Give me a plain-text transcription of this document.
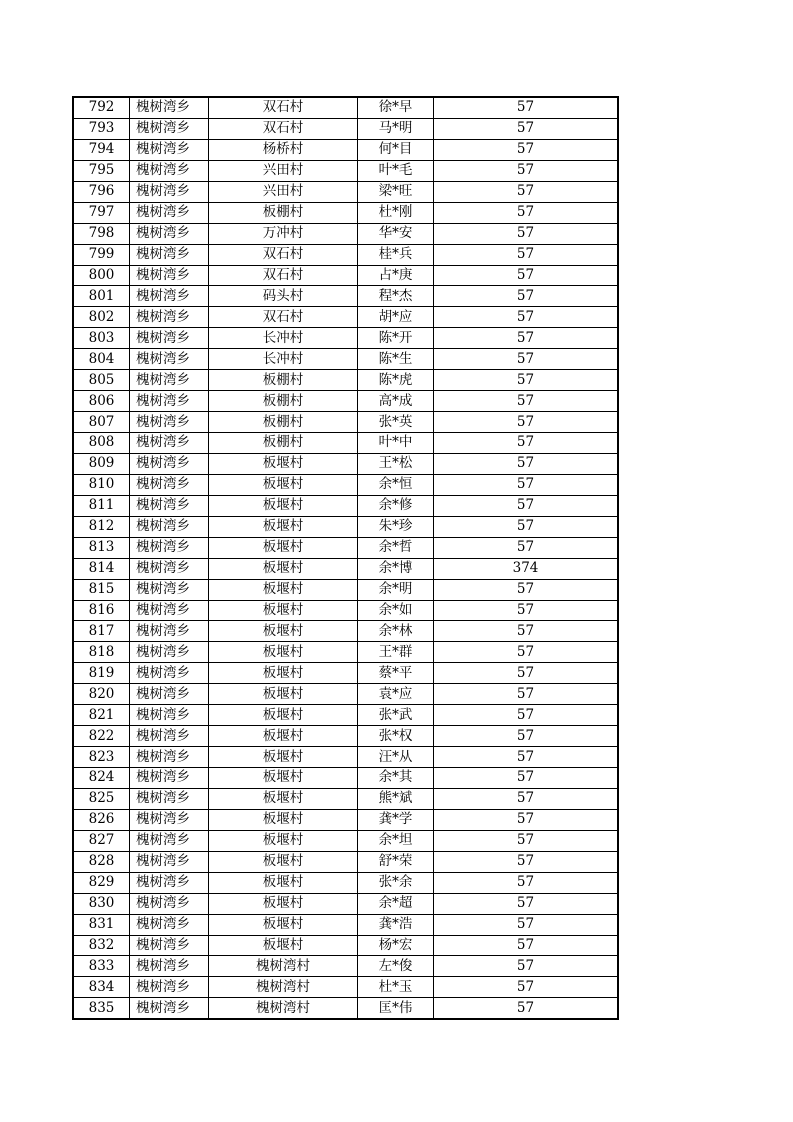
792	槐树湾乡	双石村	徐*早	57
793	槐树湾乡	双石村	马*明	57
794	槐树湾乡	杨桥村	何*目	57
795	槐树湾乡	兴田村	叶*毛	57
796	槐树湾乡	兴田村	梁*旺	57
797	槐树湾乡	板棚村	杜*刚	57
798	槐树湾乡	万冲村	华*安	57
799	槐树湾乡	双石村	桂*兵	57
800	槐树湾乡	双石村	占*庚	57
801	槐树湾乡	码头村	程*杰	57
802	槐树湾乡	双石村	胡*应	57
803	槐树湾乡	长冲村	陈*开	57
804	槐树湾乡	长冲村	陈*生	57
805	槐树湾乡	板棚村	陈*虎	57
806	槐树湾乡	板棚村	高*成	57
807	槐树湾乡	板棚村	张*英	57
808	槐树湾乡	板棚村	叶*中	57
809	槐树湾乡	板堰村	王*松	57
810	槐树湾乡	板堰村	余*恒	57
811	槐树湾乡	板堰村	余*修	57
812	槐树湾乡	板堰村	朱*珍	57
813	槐树湾乡	板堰村	余*哲	57
814	槐树湾乡	板堰村	余*博	374
815	槐树湾乡	板堰村	余*明	57
816	槐树湾乡	板堰村	余*如	57
817	槐树湾乡	板堰村	余*林	57
818	槐树湾乡	板堰村	王*群	57
819	槐树湾乡	板堰村	蔡*平	57
820	槐树湾乡	板堰村	袁*应	57
821	槐树湾乡	板堰村	张*武	57
822	槐树湾乡	板堰村	张*权	57
823	槐树湾乡	板堰村	汪*从	57
824	槐树湾乡	板堰村	余*其	57
825	槐树湾乡	板堰村	熊*斌	57
826	槐树湾乡	板堰村	龚*学	57
827	槐树湾乡	板堰村	余*坦	57
828	槐树湾乡	板堰村	舒*荣	57
829	槐树湾乡	板堰村	张*余	57
830	槐树湾乡	板堰村	余*超	57
831	槐树湾乡	板堰村	龚*浩	57
832	槐树湾乡	板堰村	杨*宏	57
833	槐树湾乡	槐树湾村	左*俊	57
834	槐树湾乡	槐树湾村	杜*玉	57
835	槐树湾乡	槐树湾村	匡*伟	57
